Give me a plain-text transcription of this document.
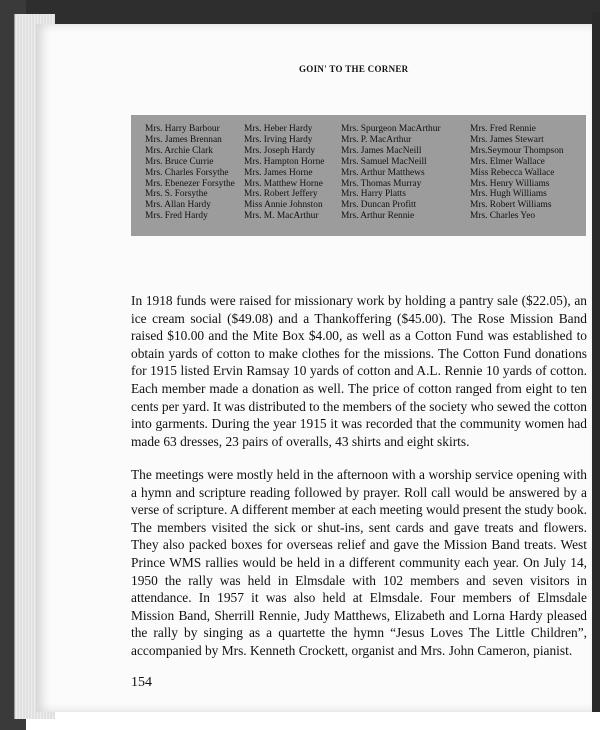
GOIN' TO THE CORNER
Mrs. Harry Barbour
Mrs. James Brennan
Mrs. Archie Clark
Mrs. Bruce Currie
Mrs. Charles Forsythe
Mrs. Ebenezer Forsythe
Mrs. S. Forsythe
Mrs. Allan Hardy
Mrs. Fred Hardy
Mrs. Heber Hardy
Mrs. Irving Hardy
Mrs. Joseph Hardy
Mrs. Hampton Horne
Mrs. James Horne
Mrs. Matthew Horne
Mrs. Robert Jeffery
Miss Annie Johnston
Mrs. M. MacArthur
Mrs. Spurgeon MacArthur
Mrs. P. MacArthur
Mrs. James MacNeill
Mrs. Samuel MacNeill
Mrs. Arthur Matthews
Mrs. Thomas Murray
Mrs. Harry Platts
Mrs. Duncan Profitt
Mrs. Arthur Rennie
Mrs. Fred Rennie
Mrs. James Stewart
Mrs.Seymour Thompson
Mrs. Elmer Wallace
Miss Rebecca Wallace
Mrs. Henry Williams
Mrs. Hugh Williams
Mrs. Robert Williams
Mrs. Charles Yeo

In 1918 funds were raised for missionary work by holding a pantry sale ($22.05), an ice cream social ($49.08) and a Thankoffering ($45.00). The Rose Mission Band raised $10.00 and the Mite Box $4.00, as well as a Cotton Fund was established to obtain yards of cotton to make clothes for the missions. The Cotton Fund donations for 1915 listed Ervin Ramsay 10 yards of cotton and A.L. Rennie 10 yards of cotton. Each member made a donation as well. The price of cotton ranged from eight to ten cents per yard. It was distributed to the members of the society who sewed the cotton into garments. During the year 1915 it was recorded that the community women had made 63 dresses, 23 pairs of overalls, 43 shirts and eight skirts.

The meetings were mostly held in the afternoon with a worship service opening with a hymn and scripture reading followed by prayer. Roll call would be answered by a verse of scripture. A different member at each meeting would present the study book. The members visited the sick or shut-ins, sent cards and gave treats and flowers. They also packed boxes for overseas relief and gave the Mission Band treats. West Prince WMS rallies would be held in a different community each year. On July 14, 1950 the rally was held in Elmsdale with 102 members and seven visitors in attendance. In 1957 it was also held at Elmsdale. Four members of Elmsdale Mission Band, Sherrill Rennie, Judy Matthews, Elizabeth and Lorna Hardy pleased the rally by singing as a quartette the hymn “Jesus Loves The Little Children”, accompanied by Mrs. Kenneth Crockett, organist and Mrs. John Cameron, pianist.

154
